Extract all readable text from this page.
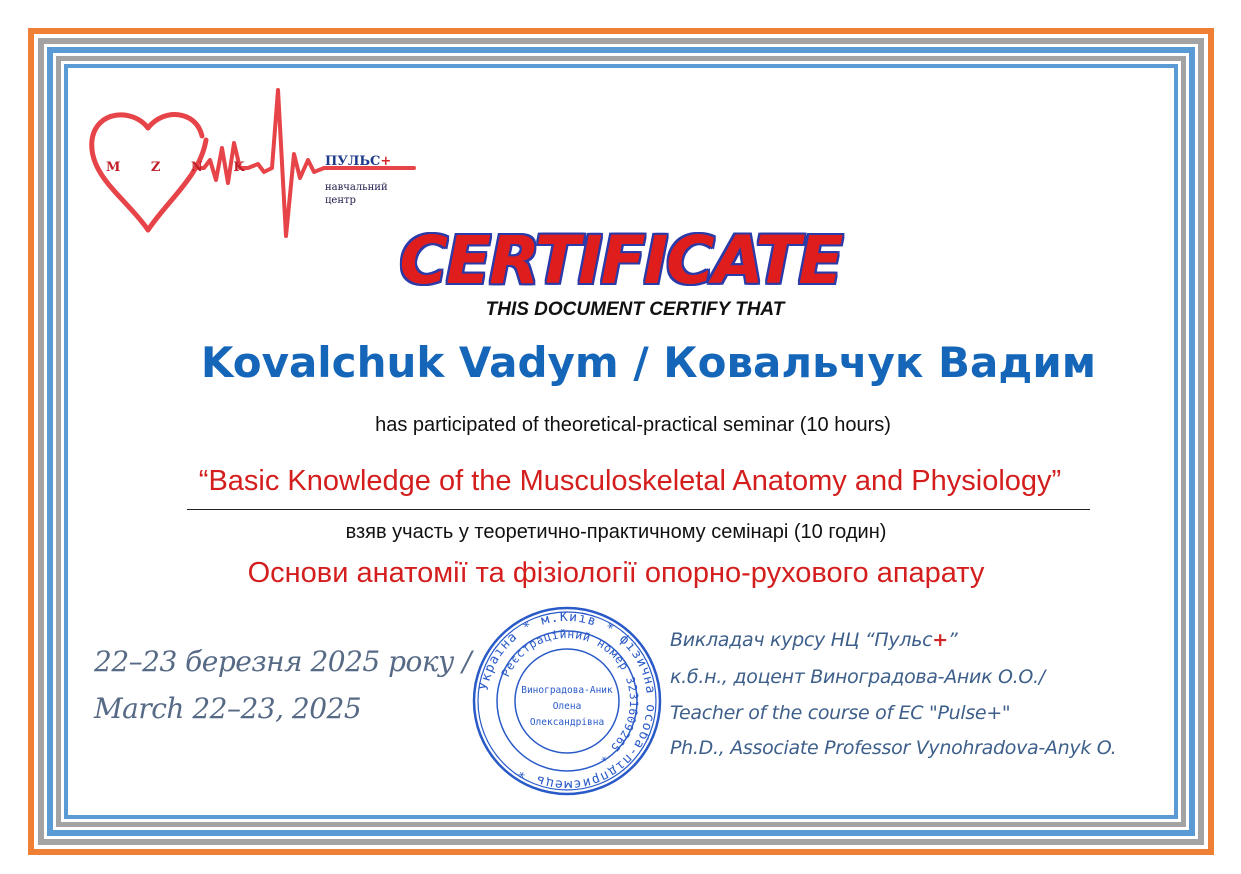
M Z N K	ПУЛЬС+
навчальний
центр
CERTIFICATE
THIS DOCUMENT CERTIFY THAT
Kovalchuk Vadym / Ковальчук Вадим
has participated of theoretical-practical seminar (10 hours)
“Basic Knowledge of the Musculoskeletal Anatomy and Physiology”
взяв участь у теоретично-практичному семінарі (10 годин)
Основи анатомії та фізіології опорно-рухового апарату
22–23 березня 2025 року /
March 22–23, 2025
Україна * м.Київ * фізична особа-підприємець *
Реєстраційний номер 3231609265 *
Виноградова-Аник
Олена
Олександрівна
Викладач курсу НЦ “Пульс+”
к.б.н., доцент Виноградова-Аник О.О./
Teacher of the course of EC "Pulse+"
Ph.D., Associate Professor Vynohradova-Anyk O.
